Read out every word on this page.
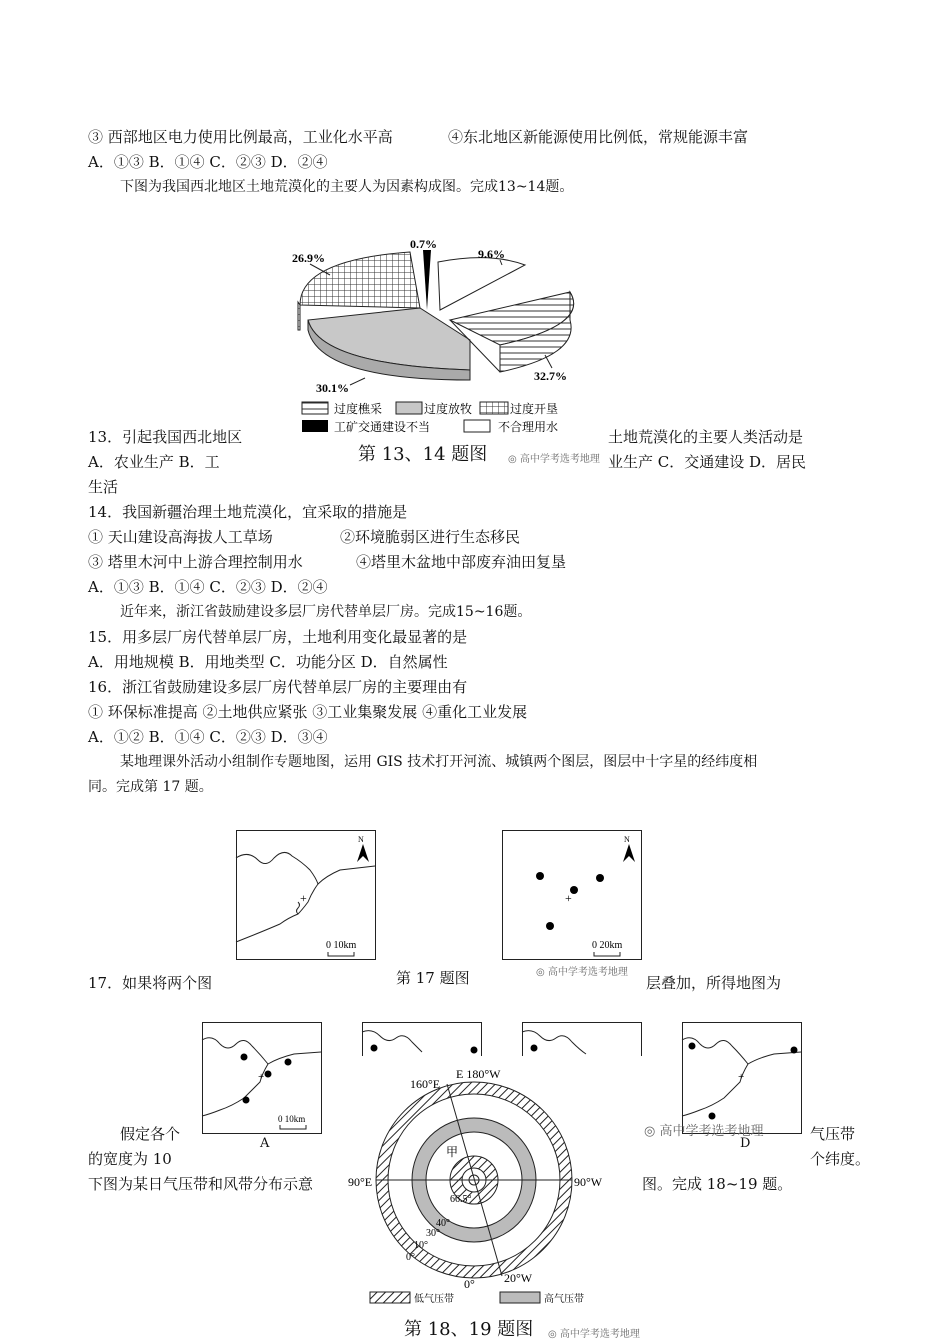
③ 西部地区电力使用比例最高，工业化水平高	④东北地区新能源使用比例低，常规能源丰富
A．①③ B．①④ C．②③ D．②④
下图为我国西北地区土地荒漠化的主要人为因素构成图。完成13~14题。
26.9%
0.7%
9.6%
30.1%
32.7%
过度樵采	过度放牧	过度开垦
工矿交通建设不当	不合理用水
13．引起我国西北地区	土地荒漠化的主要人类活动是
第 13、14 题图 ◎ 高中学考选考地理
A．农业生产 B．工	业生产 C．交通建设 D．居民
生活
14．我国新疆治理土地荒漠化，宜采取的措施是
① 天山建设高海拔人工草场	②环境脆弱区进行生态移民
③ 塔里木河中上游合理控制用水	④塔里木盆地中部废弃油田复垦
A．①③ B．①④ C．②③ D．②④
近年来，浙江省鼓励建设多层厂房代替单层厂房。完成15~16题。
15．用多层厂房代替单层厂房，土地利用变化最显著的是
A．用地规模 B．用地类型 C．功能分区 D．自然属性
16．浙江省鼓励建设多层厂房代替单层厂房的主要理由有
① 环保标准提高 ②土地供应紧张 ③工业集聚发展 ④重化工业发展
A．①② B．①④ C．②③ D．③④
某地理课外活动小组制作专题地图，运用 GIS 技术打开河流、城镇两个图层，图层中十字星的经纬度相
同。完成第 17 题。
+
N
0 10km
+
N
0 20km
第 17 题图	◎ 高中学考选考地理
17．如果将两个图	层叠加，所得地图为
+
0 10km
A
+
D
假定各个	气压带
的宽度为 10	个纬度。
下图为某日气压带和风带分布示意	图。完成 18~19 题。
◎ 高中学考选考地理
160°E
E 180°W
90°E	90°W
0° 20°W
甲
66.5°
40°
30°
10°
0°
低气压带	高气压带
第 18、19 题图 ◎ 高中学考选考地理
